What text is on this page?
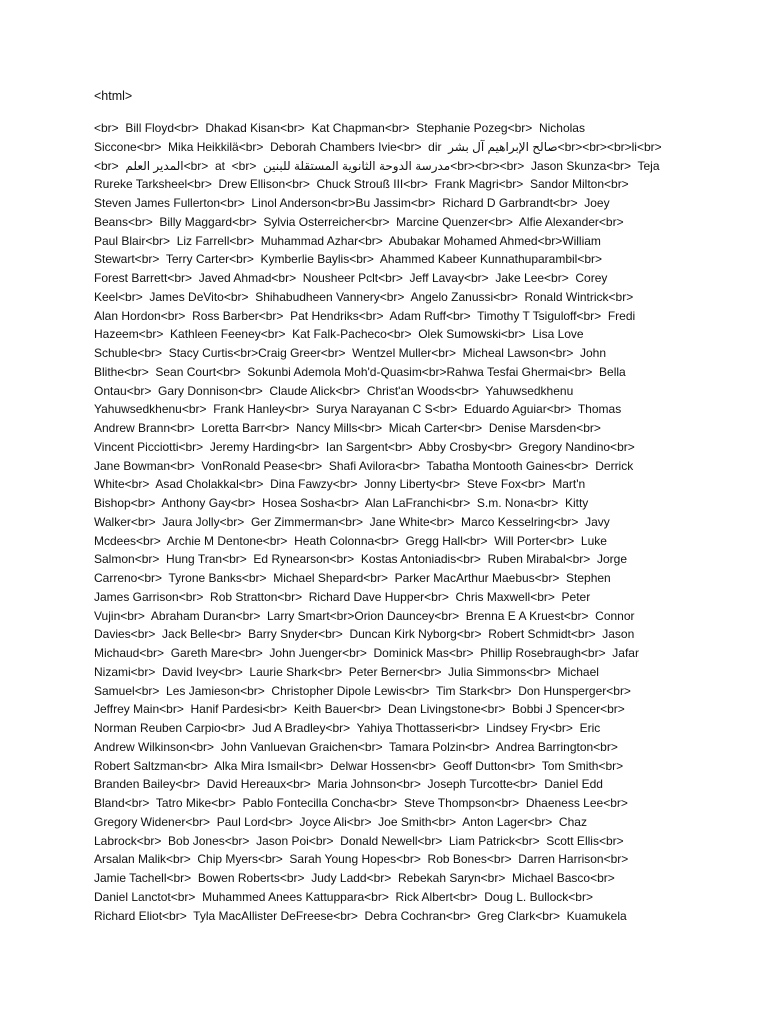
<html>
<br>  Bill Floyd<br>  Dhakad Kisan<br>  Kat Chapman<br>  Stephanie Pozeg<br>  Nicholas
Siccone<br>  Mika Heikkilä<br>  Deborah Chambers Ivie<br>  dir  صالح الإبراهيم آل بشر<br><br><br>li<br>
<br>  المدير العلم<br>  at  <br>  مدرسة الدوحة الثانوية المستقلة للبنين<br><br><br>  Jason Skunza<br>  Teja
Rureke Tarksheel<br>  Drew Ellison<br>  Chuck Strouß III<br>  Frank Magri<br>  Sandor Milton<br>
Steven James Fullerton<br>  Linol Anderson<br>Bu Jassim<br>  Richard D Garbrandt<br>  Joey
Beans<br>  Billy Maggard<br>  Sylvia Osterreicher<br>  Marcine Quenzer<br>  Alfie Alexander<br>
Paul Blair<br>  Liz Farrell<br>  Muhammad Azhar<br>  Abubakar Mohamed Ahmed<br>William
Stewart<br>  Terry Carter<br>  Kymberlie Baylis<br>  Ahammed Kabeer Kunnathuparambil<br>
Forest Barrett<br>  Javed Ahmad<br>  Nousheer Pclt<br>  Jeff Lavay<br>  Jake Lee<br>  Corey
Keel<br>  James DeVito<br>  Shihabudheen Vannery<br>  Angelo Zanussi<br>  Ronald Wintrick<br>
Alan Hordon<br>  Ross Barber<br>  Pat Hendriks<br>  Adam Ruff<br>  Timothy T Tsiguloff<br>  Fredi
Hazeem<br>  Kathleen Feeney<br>  Kat Falk-Pacheco<br>  Olek Sumowski<br>  Lisa Love
Schuble<br>  Stacy Curtis<br>Craig Greer<br>  Wentzel Muller<br>  Micheal Lawson<br>  John
Blithe<br>  Sean Court<br>  Sokunbi Ademola Moh'd-Quasim<br>Rahwa Tesfai Ghermai<br>  Bella
Ontau<br>  Gary Donnison<br>  Claude Alick<br>  Christ'an Woods<br>  Yahuwsedkhenu
Yahuwsedkhenu<br>  Frank Hanley<br>  Surya Narayanan C S<br>  Eduardo Aguiar<br>  Thomas
Andrew Brann<br>  Loretta Barr<br>  Nancy Mills<br>  Micah Carter<br>  Denise Marsden<br>
Vincent Picciotti<br>  Jeremy Harding<br>  Ian Sargent<br>  Abby Crosby<br>  Gregory Nandino<br>
Jane Bowman<br>  VonRonald Pease<br>  Shafi Avilora<br>  Tabatha Montooth Gaines<br>  Derrick
White<br>  Asad Cholakkal<br>  Dina Fawzy<br>  Jonny Liberty<br>  Steve Fox<br>  Mart'n
Bishop<br>  Anthony Gay<br>  Hosea Sosha<br>  Alan LaFranchi<br>  S.m. Nona<br>  Kitty
Walker<br>  Jaura Jolly<br>  Ger Zimmerman<br>  Jane White<br>  Marco Kesselring<br>  Javy
Mcdees<br>  Archie M Dentone<br>  Heath Colonna<br>  Gregg Hall<br>  Will Porter<br>  Luke
Salmon<br>  Hung Tran<br>  Ed Rynearson<br>  Kostas Antoniadis<br>  Ruben Mirabal<br>  Jorge
Carreno<br>  Tyrone Banks<br>  Michael Shepard<br>  Parker MacArthur Maebus<br>  Stephen
James Garrison<br>  Rob Stratton<br>  Richard Dave Hupper<br>  Chris Maxwell<br>  Peter
Vujin<br>  Abraham Duran<br>  Larry Smart<br>Orion Dauncey<br>  Brenna E A Kruest<br>  Connor
Davies<br>  Jack Belle<br>  Barry Snyder<br>  Duncan Kirk Nyborg<br>  Robert Schmidt<br>  Jason
Michaud<br>  Gareth Mare<br>  John Juenger<br>  Dominick Mas<br>  Phillip Rosebraugh<br>  Jafar
Nizami<br>  David Ivey<br>  Laurie Shark<br>  Peter Berner<br>  Julia Simmons<br>  Michael
Samuel<br>  Les Jamieson<br>  Christopher Dipole Lewis<br>  Tim Stark<br>  Don Hunsperger<br>
Jeffrey Main<br>  Hanif Pardesi<br>  Keith Bauer<br>  Dean Livingstone<br>  Bobbi J Spencer<br>
Norman Reuben Carpio<br>  Jud A Bradley<br>  Yahiya Thottasseri<br>  Lindsey Fry<br>  Eric
Andrew Wilkinson<br>  John Vanluevan Graichen<br>  Tamara Polzin<br>  Andrea Barrington<br>
Robert Saltzman<br>  Alka Mira Ismail<br>  Delwar Hossen<br>  Geoff Dutton<br>  Tom Smith<br>
Branden Bailey<br>  David Hereaux<br>  Maria Johnson<br>  Joseph Turcotte<br>  Daniel Edd
Bland<br>  Tatro Mike<br>  Pablo Fontecilla Concha<br>  Steve Thompson<br>  Dhaeness Lee<br>
Gregory Widener<br>  Paul Lord<br>  Joyce Ali<br>  Joe Smith<br>  Anton Lager<br>  Chaz
Labrock<br>  Bob Jones<br>  Jason Poi<br>  Donald Newell<br>  Liam Patrick<br>  Scott Ellis<br>
Arsalan Malik<br>  Chip Myers<br>  Sarah Young Hopes<br>  Rob Bones<br>  Darren Harrison<br>
Jamie Tachell<br>  Bowen Roberts<br>  Judy Ladd<br>  Rebekah Saryn<br>  Michael Basco<br>
Daniel Lanctot<br>  Muhammed Anees Kattuppara<br>  Rick Albert<br>  Doug L. Bullock<br>
Richard Eliot<br>  Tyla MacAllister DeFreese<br>  Debra Cochran<br>  Greg Clark<br>  Kuamukela
